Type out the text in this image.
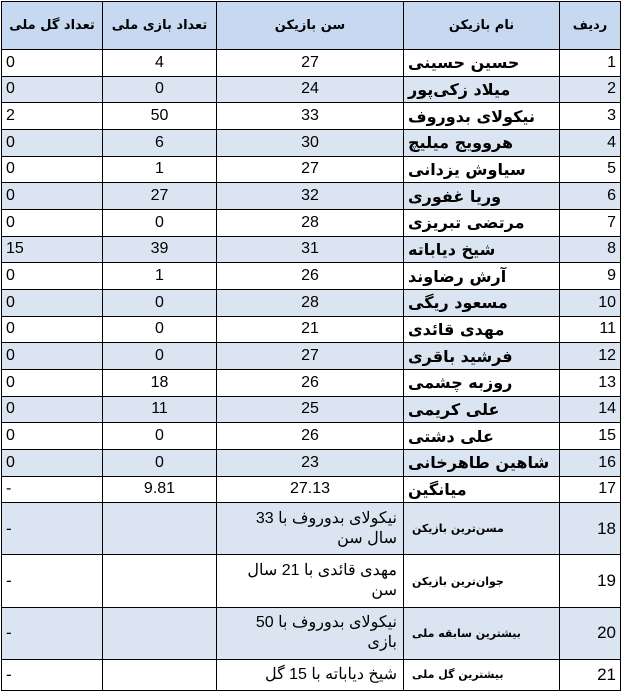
ردیف	نام بازیکن	سن بازیکن	تعداد بازی ملی	تعداد گل ملی
1	حسین حسینی	27	4	0
2	میلاد زکی‌پور	24	0	0
3	نیکولای بدوروف	33	50	2
4	هروویج میلیچ	30	6	0
5	سیاوش یزدانی	27	1	0
6	وریا غفوری	32	27	0
7	مرتضی تبریزی	28	0	0
8	شیخ دیاباته	31	39	15
9	آرش رضاوند	26	1	0
10	مسعود ریگی	28	0	0
11	مهدی قائدی	21	0	0
12	فرشید باقری	27	0	0
13	روزبه چشمی	26	18	0
14	علی کریمی	25	11	0
15	علی دشتی	26	0	0
16	شاهین طاهرخانی	23	0	0
17	میانگین	27.13	9.81	-
18	مسن‌ترین بازیکن	نیکولای بدوروف با 33 سال سن		-
19	جوان‌ترین بازیکن	مهدی قائدی با 21 سال سن		-
20	بیشترین سابقه ملی	نیکولای بدوروف با 50 بازی		-
21	بیشترین گل ملی	شیخ دیاباته با 15 گل		-
